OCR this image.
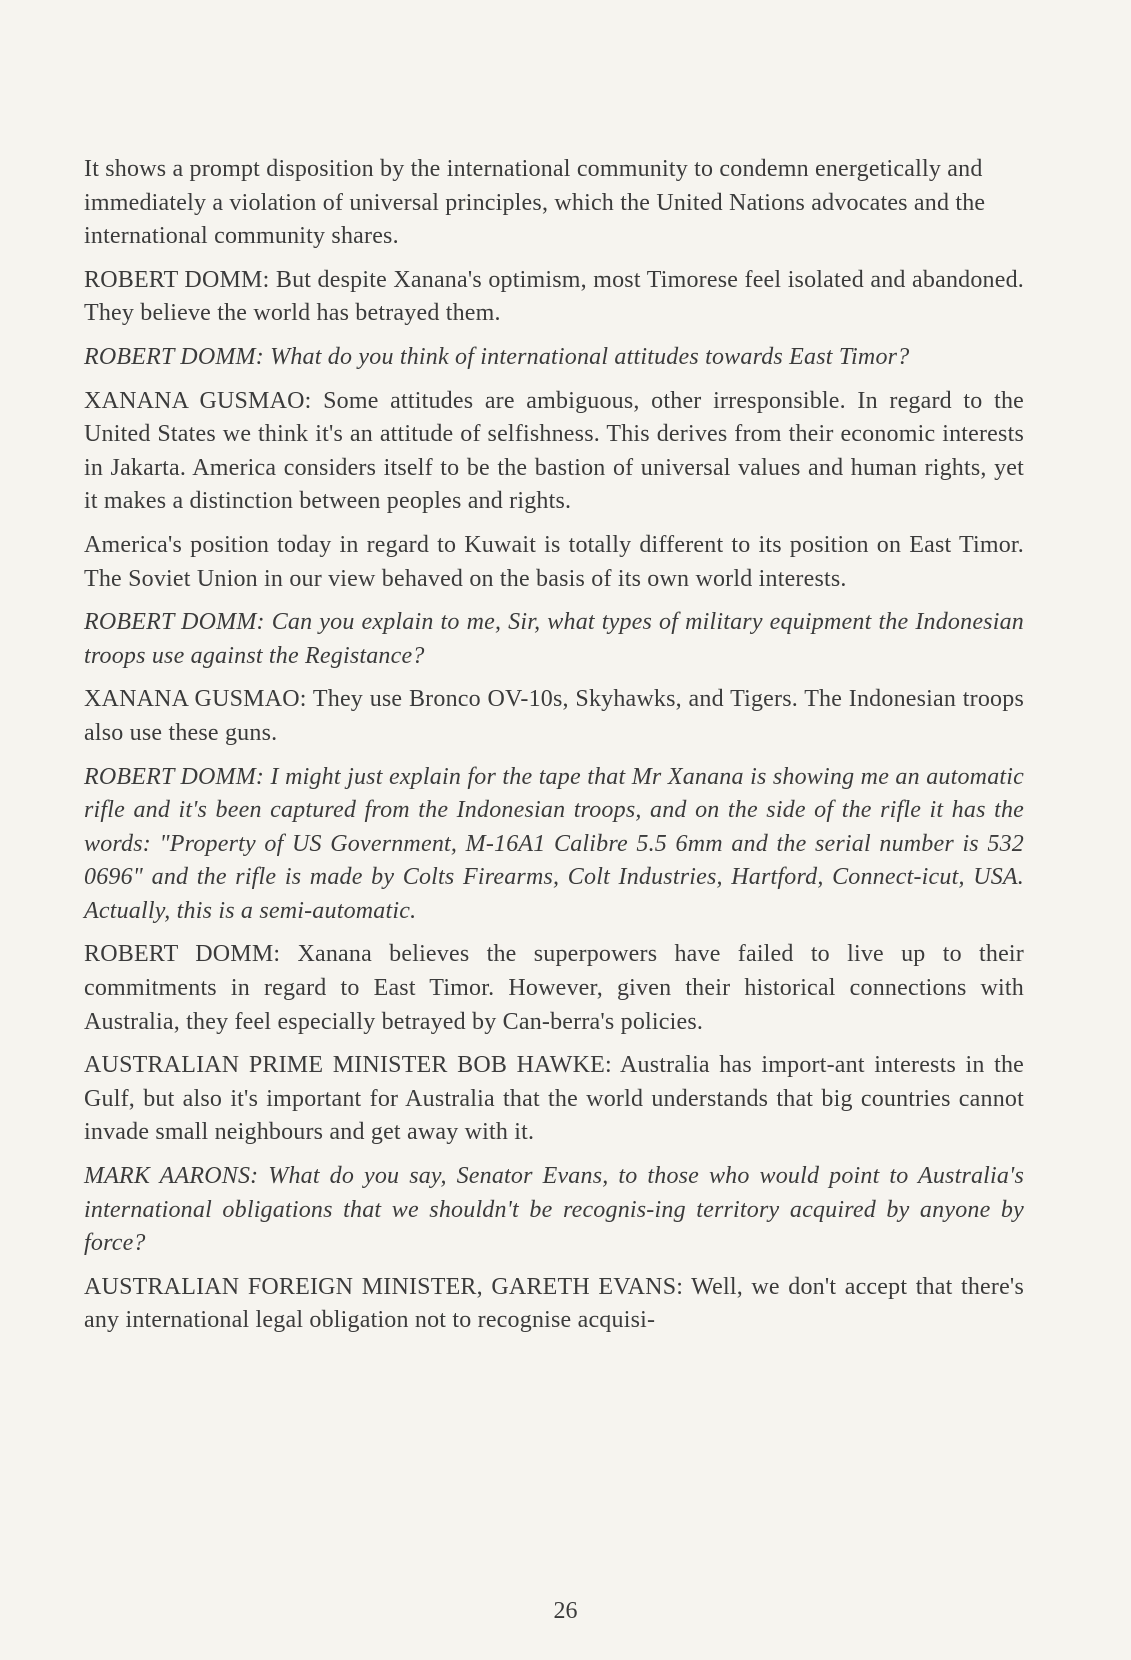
It shows a prompt disposition by the international community to condemn energetically and immediately a violation of universal principles, which the United Nations advocates and the international community shares.

ROBERT DOMM: But despite Xanana's optimism, most Timorese feel isolated and abandoned. They believe the world has betrayed them.

ROBERT DOMM: What do you think of international attitudes towards East Timor?

XANANA GUSMAO: Some attitudes are ambiguous, other irresponsible. In regard to the United States we think it's an attitude of selfishness. This derives from their economic interests in Jakarta. America considers itself to be the bastion of universal values and human rights, yet it makes a distinction between peoples and rights.

America's position today in regard to Kuwait is totally different to its position on East Timor. The Soviet Union in our view behaved on the basis of its own world interests.

ROBERT DOMM: Can you explain to me, Sir, what types of military equipment the Indonesian troops use against the Registance?

XANANA GUSMAO: They use Bronco OV-10s, Skyhawks, and Tigers. The Indonesian troops also use these guns.

ROBERT DOMM: I might just explain for the tape that Mr Xanana is showing me an automatic rifle and it's been captured from the Indonesian troops, and on the side of the rifle it has the words: "Property of US Government, M-16A1 Calibre 5.5 6mm and the serial number is 532 0696" and the rifle is made by Colts Firearms, Colt Industries, Hartford, Connect-icut, USA. Actually, this is a semi-automatic.

ROBERT DOMM: Xanana believes the superpowers have failed to live up to their commitments in regard to East Timor. However, given their historical connections with Australia, they feel especially betrayed by Can-berra's policies.

AUSTRALIAN PRIME MINISTER BOB HAWKE: Australia has import-ant interests in the Gulf, but also it's important for Australia that the world understands that big countries cannot invade small neighbours and get away with it.

MARK AARONS: What do you say, Senator Evans, to those who would point to Australia's international obligations that we shouldn't be recognis-ing territory acquired by anyone by force?

AUSTRALIAN FOREIGN MINISTER, GARETH EVANS: Well, we don't accept that there's any international legal obligation not to recognise acquisi-

26
